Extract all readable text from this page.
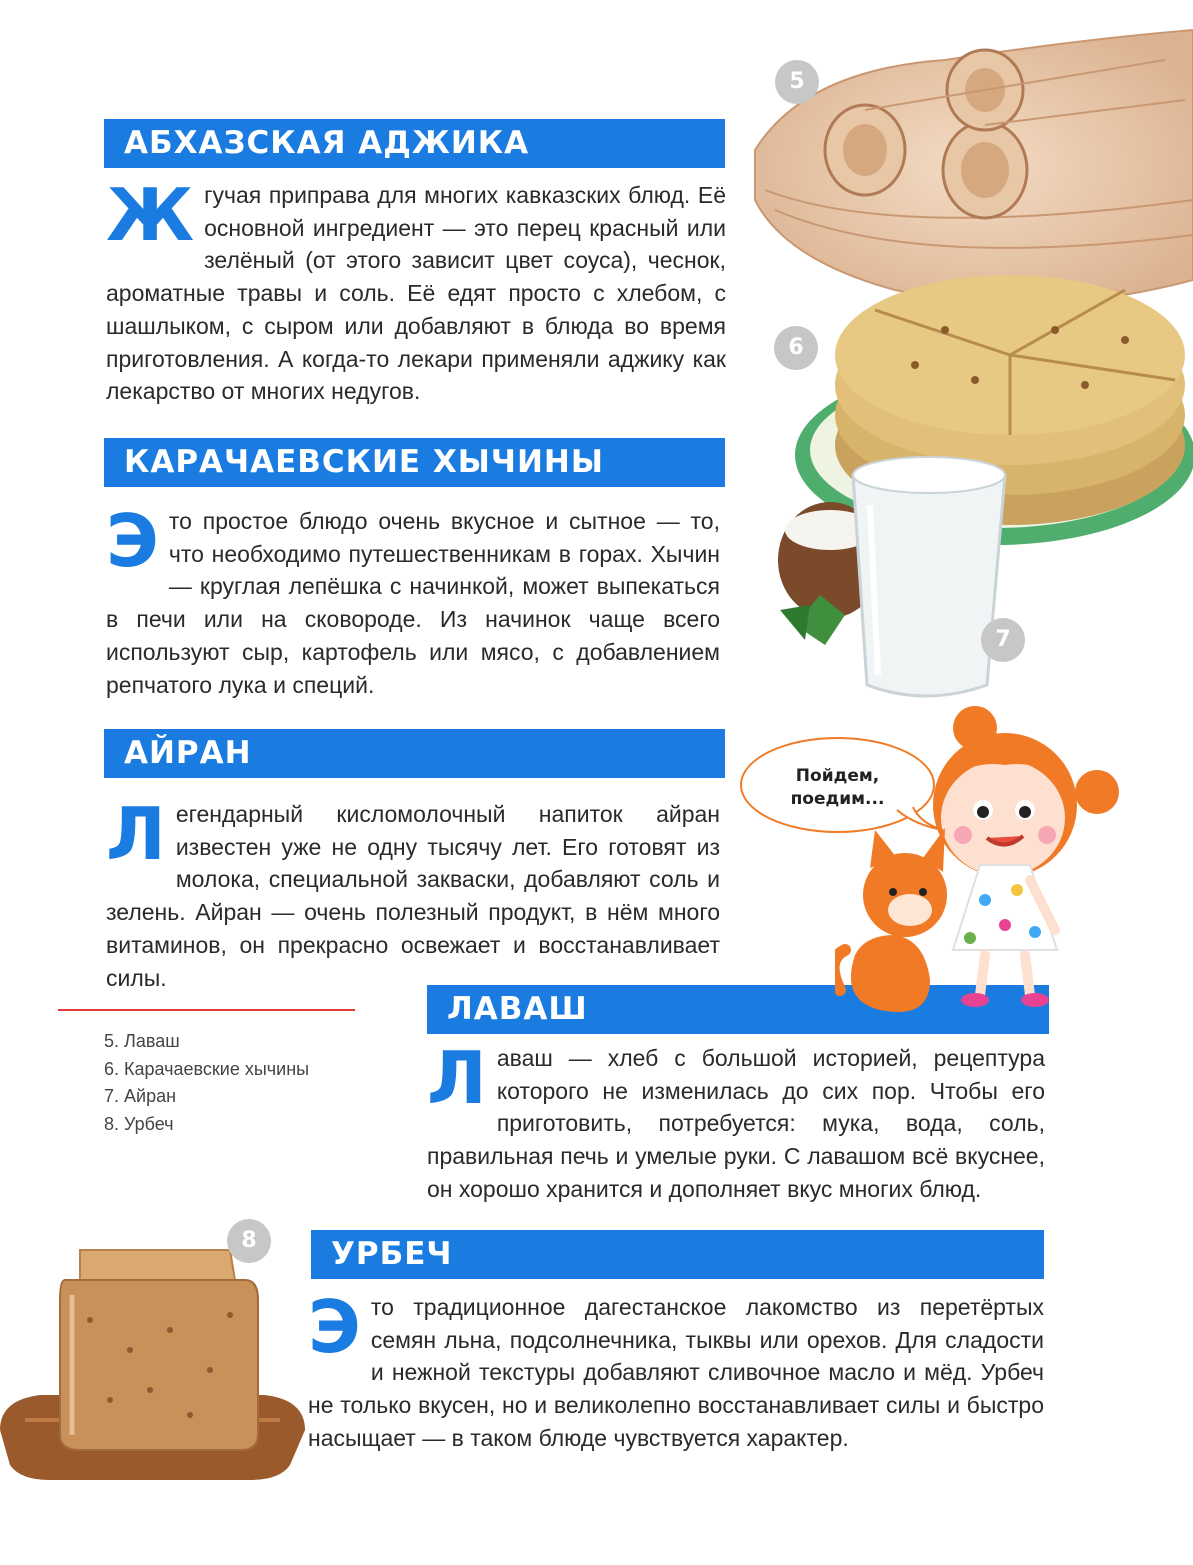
АБХАЗСКАЯ АДЖИКА

Ж гучая приправа для многих кавказских блюд. Её основной ингредиент — это перец красный или зелёный (от этого зависит цвет соуса), чеснок, ароматные травы и соль. Её едят просто с хлебом, с шашлыком, с сыром или добавляют в блюда во время приготовления. А когда-то лекари применяли аджику как лекарство от многих недугов.

КАРАЧАЕВСКИЕ ХЫЧИНЫ

Э то простое блюдо очень вкусное и сытное — то, что необходимо путешественникам в горах. Хычин — круглая лепёшка с начинкой, может выпекаться в печи или на сковороде. Из начинок чаще всего используют сыр, картофель или мясо, с добавлением репчатого лука и специй.

АЙРАН

Л егендарный кисломолочный напиток айран известен уже не одну тысячу лет. Его готовят из молока, специальной закваски, добавляют соль и зелень. Айран — очень полезный продукт, в нём много витаминов, он прекрасно освежает и восстанавливает силы.

5. Лаваш
6. Карачаевские хычины
7. Айран
8. Урбеч
ЛАВАШ

Л аваш — хлеб с большой историей, рецептура которого не изменилась до сих пор. Чтобы его приготовить, потребуется: мука, вода, соль, правильная печь и умелые руки. С лавашом всё вкуснее, он хорошо хранится и дополняет вкус многих блюд.

УРБЕЧ

Э то традиционное дагестанское лакомство из перетёртых семян льна, подсолнечника, тыквы или орехов. Для сладости и нежной текстуры добавляют сливочное масло и мёд. Урбеч не только вкусен, но и великолепно восстанавливает силы и быстро насыщает — в таком блюде чувствуется характер.

Пойдем,
поедим...
5
6
7
8
